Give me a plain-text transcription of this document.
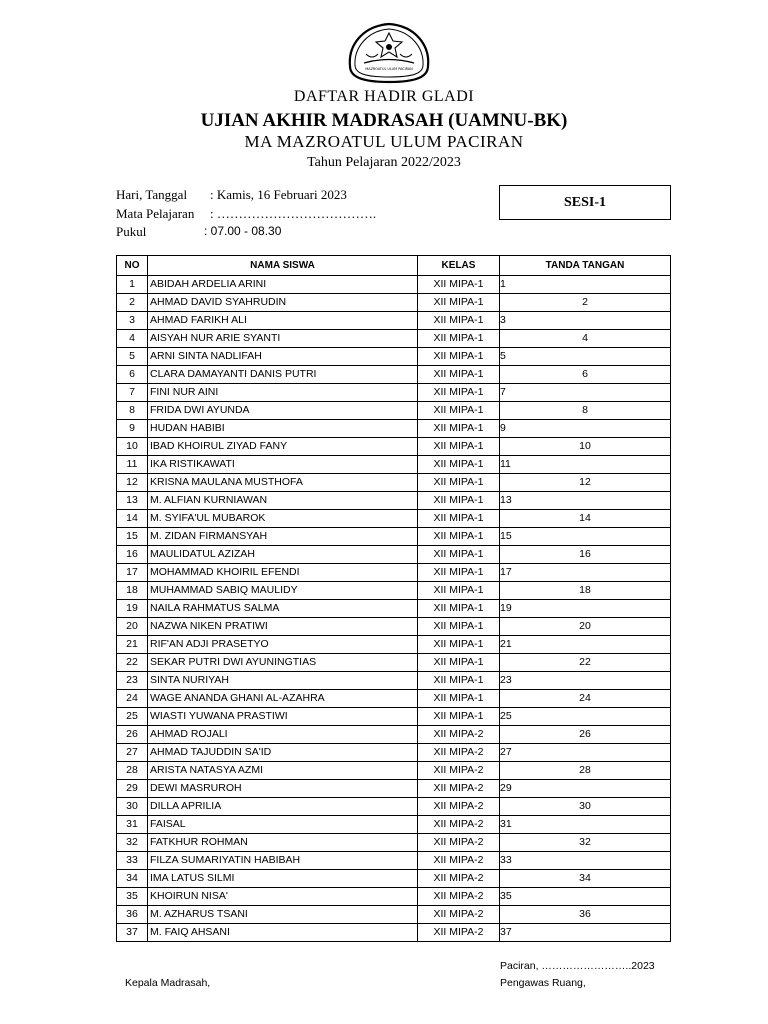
MAZROATUL ULUM PACIRAN
DAFTAR HADIR GLADI
UJIAN AKHIR MADRASAH (UAMNU-BK)
MA MAZROATUL ULUM PACIRAN
Tahun Pelajaran 2022/2023
Hari, Tanggal : Kamis, 16 Februari 2023
Mata Pelajaran : ……………………………….
Pukul	: 07.00 - 08.30
SESI-1
NO	NAMA SISWA	KELAS	TANDA TANGAN
1	ABIDAH ARDELIA ARINI	XII MIPA-1	1
2	AHMAD DAVID SYAHRUDIN	XII MIPA-1	2
3	AHMAD FARIKH ALI	XII MIPA-1	3
4	AISYAH NUR ARIE SYANTI	XII MIPA-1	4
5	ARNI SINTA NADLIFAH	XII MIPA-1	5
6	CLARA DAMAYANTI DANIS PUTRI	XII MIPA-1	6
7	FINI NUR AINI	XII MIPA-1	7
8	FRIDA DWI AYUNDA	XII MIPA-1	8
9	HUDAN HABIBI	XII MIPA-1	9
10	IBAD KHOIRUL ZIYAD FANY	XII MIPA-1	10
11	IKA RISTIKAWATI	XII MIPA-1	11
12	KRISNA MAULANA MUSTHOFA	XII MIPA-1	12
13	M. ALFIAN KURNIAWAN	XII MIPA-1	13
14	M. SYIFA'UL MUBAROK	XII MIPA-1	14
15	M. ZIDAN FIRMANSYAH	XII MIPA-1	15
16	MAULIDATUL AZIZAH	XII MIPA-1	16
17	MOHAMMAD KHOIRIL EFENDI	XII MIPA-1	17
18	MUHAMMAD SABIQ MAULIDY	XII MIPA-1	18
19	NAILA RAHMATUS SALMA	XII MIPA-1	19
20	NAZWA NIKEN PRATIWI	XII MIPA-1	20
21	RIF'AN ADJI PRASETYO	XII MIPA-1	21
22	SEKAR PUTRI DWI AYUNINGTIAS	XII MIPA-1	22
23	SINTA NURIYAH	XII MIPA-1	23
24	WAGE ANANDA GHANI AL-AZAHRA	XII MIPA-1	24
25	WIASTI YUWANA PRASTIWI	XII MIPA-1	25
26	AHMAD ROJALI	XII MIPA-2	26
27	AHMAD TAJUDDIN SA'ID	XII MIPA-2	27
28	ARISTA NATASYA AZMI	XII MIPA-2	28
29	DEWI MASRUROH	XII MIPA-2	29
30	DILLA APRILIA	XII MIPA-2	30
31	FAISAL	XII MIPA-2	31
32	FATKHUR ROHMAN	XII MIPA-2	32
33	FILZA SUMARIYATIN HABIBAH	XII MIPA-2	33
34	IMA LATUS SILMI	XII MIPA-2	34
35	KHOIRUN NISA'	XII MIPA-2	35
36	M. AZHARUS TSANI	XII MIPA-2	36
37	M. FAIQ AHSANI	XII MIPA-2	37
Paciran, ……………………..2023
Kepala Madrasah,	Pengawas Ruang,
